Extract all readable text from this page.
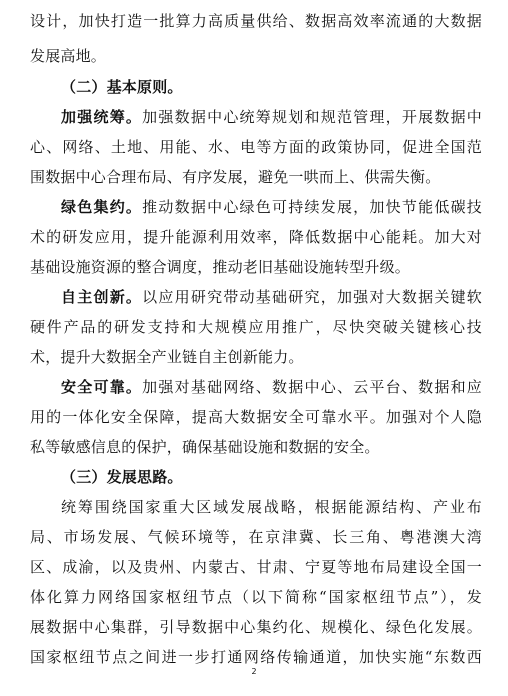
设计，加快打造一批算力高质量供给、数据高效率流通的大数据
发展高地。
（二）基本原则。
加强统筹。加强数据中心统筹规划和规范管理，开展数据中
心、网络、土地、用能、水、电等方面的政策协同，促进全国范
围数据中心合理布局、有序发展，避免一哄而上、供需失衡。
绿色集约。推动数据中心绿色可持续发展，加快节能低碳技
术的研发应用，提升能源利用效率，降低数据中心能耗。加大对
基础设施资源的整合调度，推动老旧基础设施转型升级。
自主创新。以应用研究带动基础研究，加强对大数据关键软
硬件产品的研发支持和大规模应用推广，尽快突破关键核心技
术，提升大数据全产业链自主创新能力。
安全可靠。加强对基础网络、数据中心、云平台、数据和应
用的一体化安全保障，提高大数据安全可靠水平。加强对个人隐
私等敏感信息的保护，确保基础设施和数据的安全。
（三）发展思路。
统筹围绕国家重大区域发展战略，根据能源结构、产业布
局、市场发展、气候环境等，在京津冀、长三角、粤港澳大湾
区、成渝，以及贵州、内蒙古、甘肃、宁夏等地布局建设全国一
体化算力网络国家枢纽节点（以下简称“国家枢纽节点”），发
展数据中心集群，引导数据中心集约化、规模化、绿色化发展。
国家枢纽节点之间进一步打通网络传输通道，加快实施“东数西
2
